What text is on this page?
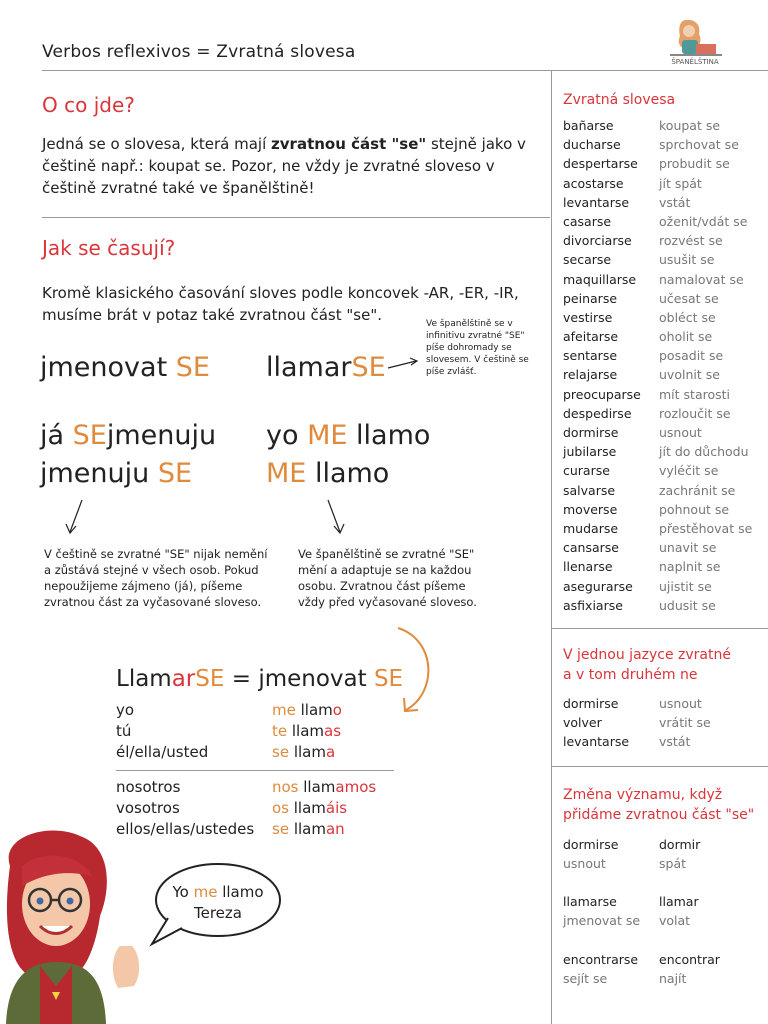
Verbos reflexivos = Zvratná slovesa	ŠPANĚLŠTINA
O co jde?
Jedná se o slovesa, která mají zvratnou část "se" stejně jako v češtině např.: koupat se. Pozor, ne vždy je zvratné sloveso v češtině zvratné také ve španělštině!
Jak se časují?
Kromě klasického časování sloves podle koncovek -AR, -ER, -IR, musíme brát v potaz také zvratnou část "se".
jmenovat SE llamarSE
Ve španělštině se v infinitivu zvratné "SE" píše dohromady se slovesem. V češtině se píše zvlášť.
já SEjmenuju
jmenuju SE
yo ME llamo
ME llamo
V češtině se zvratné "SE" nijak nemění a zůstává stejné v všech osob. Pokud nepoužijeme zájmeno (já), píšeme zvratnou část za vyčasované sloveso.
Ve španělštině se zvratné "SE" mění a adaptuje se na každou osobu. Zvratnou část píšeme vždy před vyčasované sloveso.
LlamarSE = jmenovat SE
yo	me llamo
tú	te llamas
él/ella/usted	se llama
nosotros	nos llamamos
vosotros	os llamáis
ellos/ellas/ustedes	se llaman
Yo me llamo
Tereza
Zvratná slovesa
bañarse	koupat se
ducharse	sprchovat se
despertarse	probudit se
acostarse	jít spát
levantarse	vstát
casarse	oženit/vdát se
divorciarse	rozvést se
secarse	usušit se
maquillarse	namalovat se
peinarse	učesat se
vestirse	obléct se
afeitarse	oholit se
sentarse	posadit se
relajarse	uvolnit se
preocuparse	mít starosti
despedirse	rozloučit se
dormirse	usnout
jubilarse	jít do důchodu
curarse	vyléčit se
salvarse	zachránit se
moverse	pohnout se
mudarse	přestěhovat se
cansarse	unavit se
llenarse	naplnit se
asegurarse	ujistit se
asfixiarse	udusit se
V jednou jazyce zvratné
a v tom druhém ne
dormirse	usnout
volver	vrátit se
levantarse	vstát
Změna významu, když
přidáme zvratnou část "se"
dormirse	dormir
usnout	spát
llamarse	llamar
jmenovat se	volat
encontrarse	encontrar
sejít se	najít
